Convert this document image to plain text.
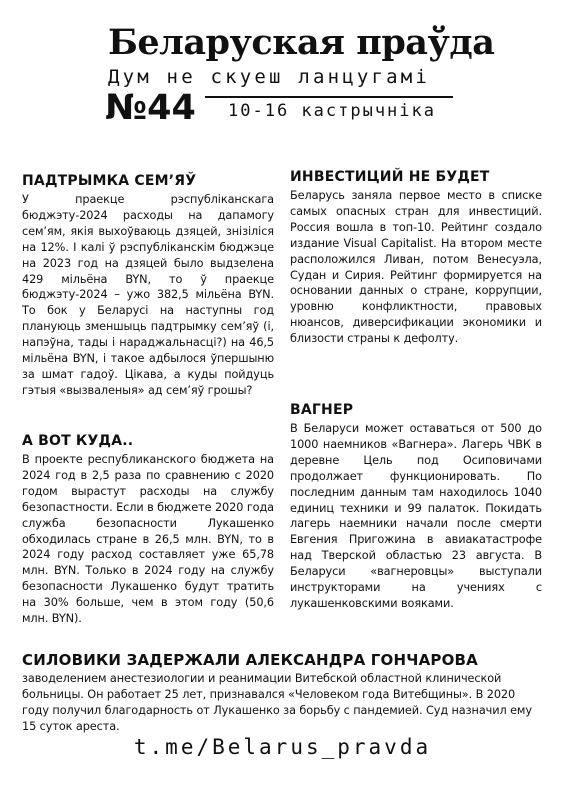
Беларуская праўда
Дум не скуеш ланцугамі
№44 10-16 кастрычніка
ПАДТРЫМКА СЕМ’ЯЎ

У праекце рэспубліканскага бюджэту-2024 расходы на дапамогу сем’ям, якія выхоўваюць дзяцей, знізіліся на 12%. І калі ў рэспубліканскім бюджэце на 2023 год на дзяцей было выдзелена 429 мільёна BYN, то ў праекце бюджэту-2024 – ужо 382,5 мільёна BYN. То бок у Беларусі на наступны год плануюць зменшыць падтрымку сем’яў (і, напэўна, тады і нараджальнасці?) на 46,5 мільёна BYN, і такое адбылося ўпершыню за шмат гадоў. Цікава, а куды пойдуць гэтыя «вызваленыя» ад сем’яў грошы?

А ВОТ КУДА..

В проекте республиканского бюджета на 2024 год в 2,5 раза по сравнению с 2020 годом вырастут расходы на службу безопастности. Если в бюджете 2020 года служба безопасности Лукашенко обходилась стране в 26,5 млн. BYN, то в 2024 году расход составляет уже 65,78 млн. BYN. Только в 2024 году на службу безопасности Лукашенко будут тратить на 30% больше, чем в этом году (50,6 млн. BYN).

ИНВЕСТИЦИЙ НЕ БУДЕТ

Беларусь заняла первое место в списке самых опасных стран для инвестиций. Россия вошла в топ-10. Рейтинг создало издание Visual Capitalist. На втором месте расположился Ливан, потом Венесуэла, Судан и Сирия. Рейтинг формируется на основании данных о стране, коррупции, уровню конфликтности, правовых нюансов, диверсификации экономики и близости страны к дефолту.

ВАГНЕР

В Беларуси может оставаться от 500 до 1000 наемников «Вагнера». Лагерь ЧВК в деревне Цель под Осиповичами продолжает функционировать. По последним данным там находилось 1040 единиц техники и 99 палаток. Покидать лагерь наемники начали после смерти Евгения Пригожина в авиакатастрофе над Тверской областью 23 августа. В Беларуси «вагнеровцы» выступали инструкторами на учениях с лукашенковскими вояками.

СИЛОВИКИ ЗАДЕРЖАЛИ АЛЕКСАНДРА ГОНЧАРОВА

заводелением анестезиологии и реанимации Витебской областной клинической больницы. Он работает 25 лет, признавался «Человеком года Витебщины». В 2020 году получил благодарность от Лукашенко за борьбу с пандемией. Суд назначил ему 15 суток ареста.

t.me/Belarus_pravda
